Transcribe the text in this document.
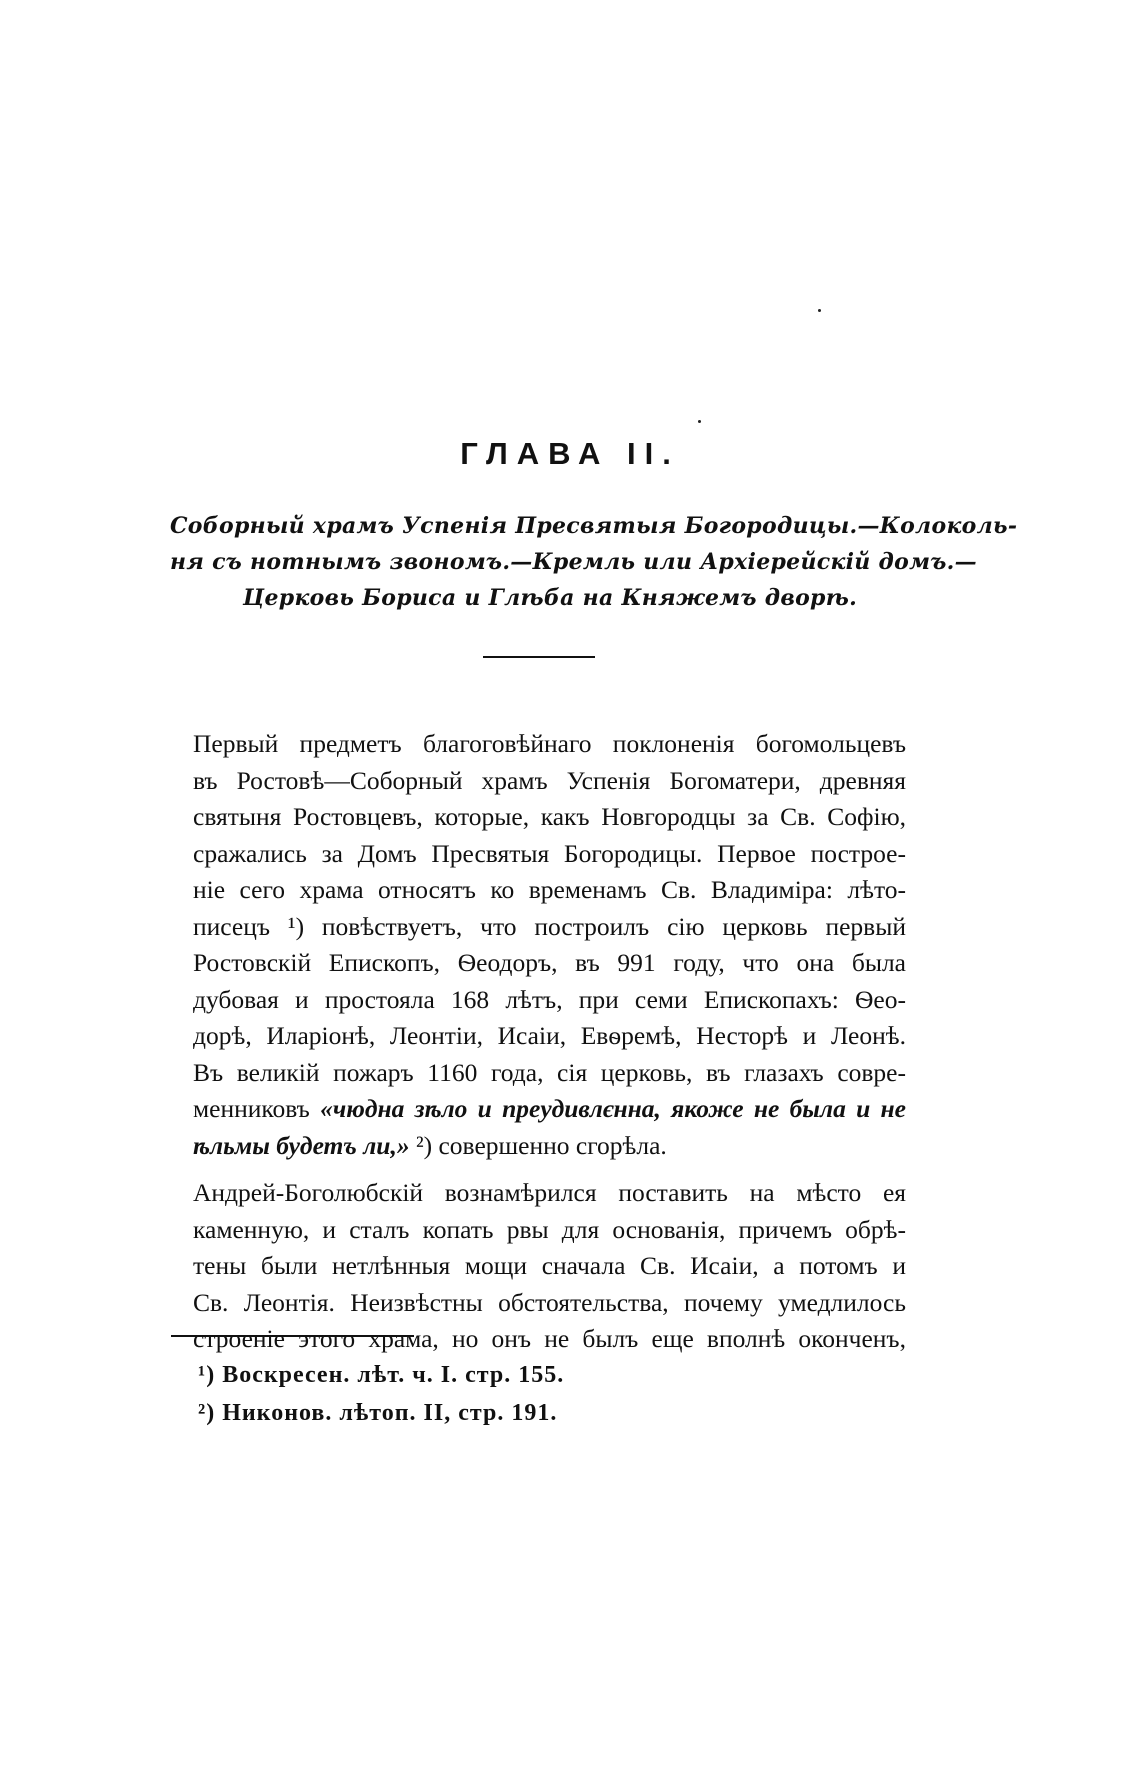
ГЛАВА II.
Соборный храмъ Успенія Пресвятыя Богородицы.—Колоколь-
ня съ нотнымъ звономъ.—Кремль или Архіерейскій домъ.—
Церковь Бориса и Глѣба на Княжемъ дворѣ.
Первый предметъ благоговѣйнаго поклоненія богомольцевъ
въ Ростовѣ—Соборный храмъ Успенія Богоматери, древняя
святыня Ростовцевъ, которые, какъ Новгородцы за Св. Софію,
сражались за Домъ Пресвятыя Богородицы. Первое построе-
ніе сего храма относятъ ко временамъ Св. Владиміра: лѣто-
писецъ ¹) повѣствуетъ, что построилъ сію церковь первый
Ростовскій Епископъ, Ѳеодоръ, въ 991 году, что она была
дубовая и простояла 168 лѣтъ, при семи Епископахъ: Ѳео-
дорѣ, Иларіонѣ, Леонтіи, Исаіи, Евѳремѣ, Несторѣ и Леонѣ.
Въ великій пожаръ 1160 года, сія церковь, въ глазахъ совре-
менниковъ «чюдна зѣло и преудивлєнна, якоже не была и не
ѣльмы будетъ ли,» ²) совершенно сгорѣла.
Андрей-Боголюбскій вознамѣрился поставить на мѣсто ея
каменную, и сталъ копать рвы для основанія, причемъ обрѣ-
тены были нетлѣнныя мощи сначала Св. Исаіи, а потомъ и
Св. Леонтія. Неизвѣстны обстоятельства, почему умедлилось
строеніе этого храма, но онъ не былъ еще вполнѣ оконченъ,
¹) Воскресен. лѣт. ч. I. стр. 155.
²) Никонов. лѣтоп. II, стр. 191.
